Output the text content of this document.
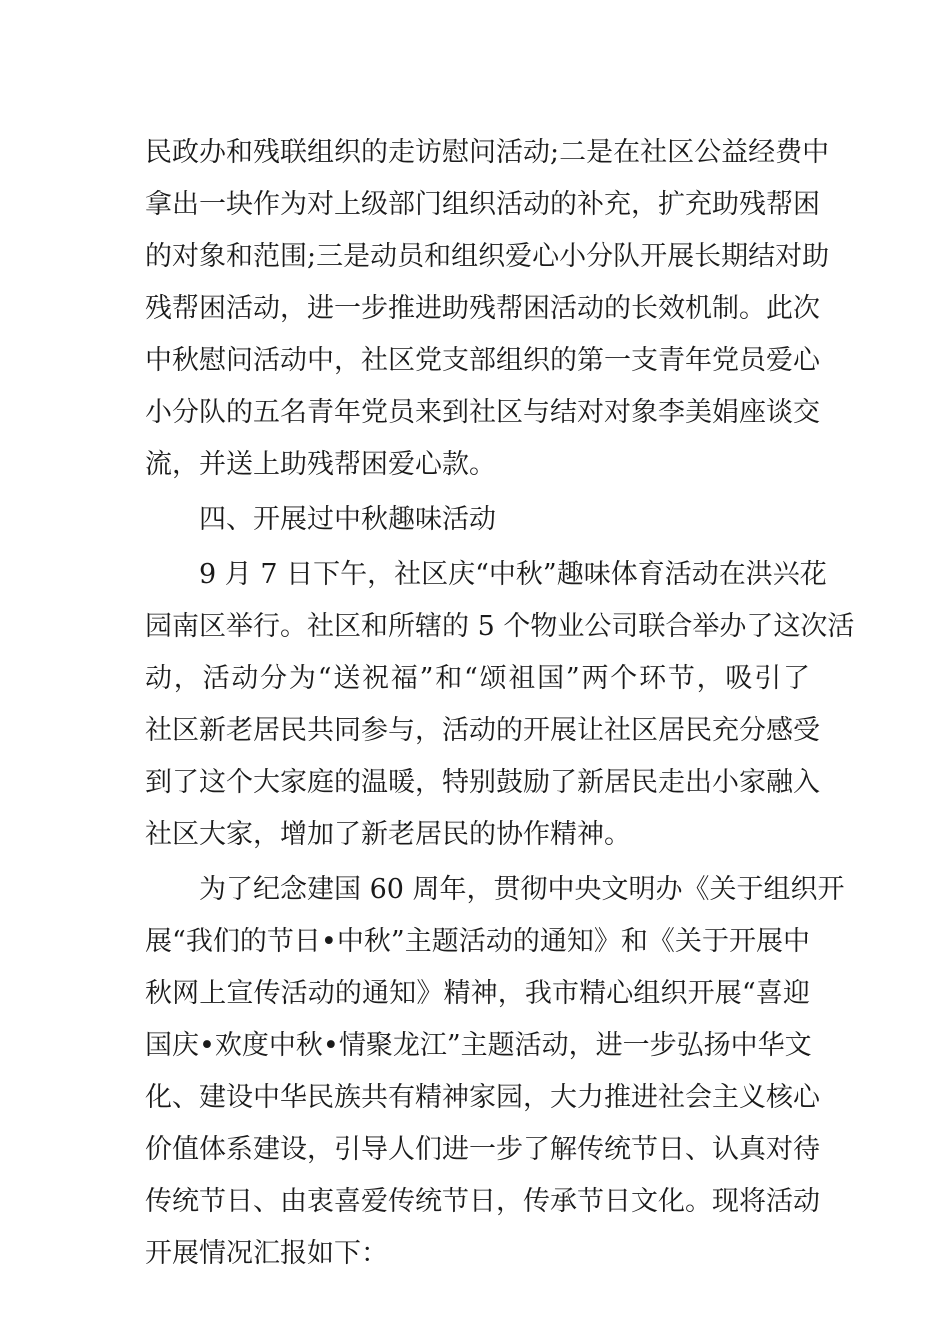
民政办和残联组织的走访慰问活动;二是在社区公益经费中
拿出一块作为对上级部门组织活动的补充，扩充助残帮困
的对象和范围;三是动员和组织爱心小分队开展长期结对助
残帮困活动，进一步推进助残帮困活动的长效机制。此次
中秋慰问活动中，社区党支部组织的第一支青年党员爱心
小分队的五名青年党员来到社区与结对对象李美娟座谈交
流，并送上助残帮困爱心款。
四、开展过中秋趣味活动
9 月 7 日下午，社区庆“中秋”趣味体育活动在洪兴花
园南区举行。社区和所辖的 5 个物业公司联合举办了这次活
动，活动分为“送祝福”和“颂祖国”两个环节，吸引了
社区新老居民共同参与，活动的开展让社区居民充分感受
到了这个大家庭的温暖，特别鼓励了新居民走出小家融入
社区大家，增加了新老居民的协作精神。
为了纪念建国 60 周年，贯彻中央文明办《关于组织开
展“我们的节日•中秋”主题活动的通知》和《关于开展中
秋网上宣传活动的通知》精神，我市精心组织开展“喜迎
国庆•欢度中秋•情聚龙江”主题活动，进一步弘扬中华文
化、建设中华民族共有精神家园，大力推进社会主义核心
价值体系建设，引导人们进一步了解传统节日、认真对待
传统节日、由衷喜爱传统节日，传承节日文化。现将活动
开展情况汇报如下：
